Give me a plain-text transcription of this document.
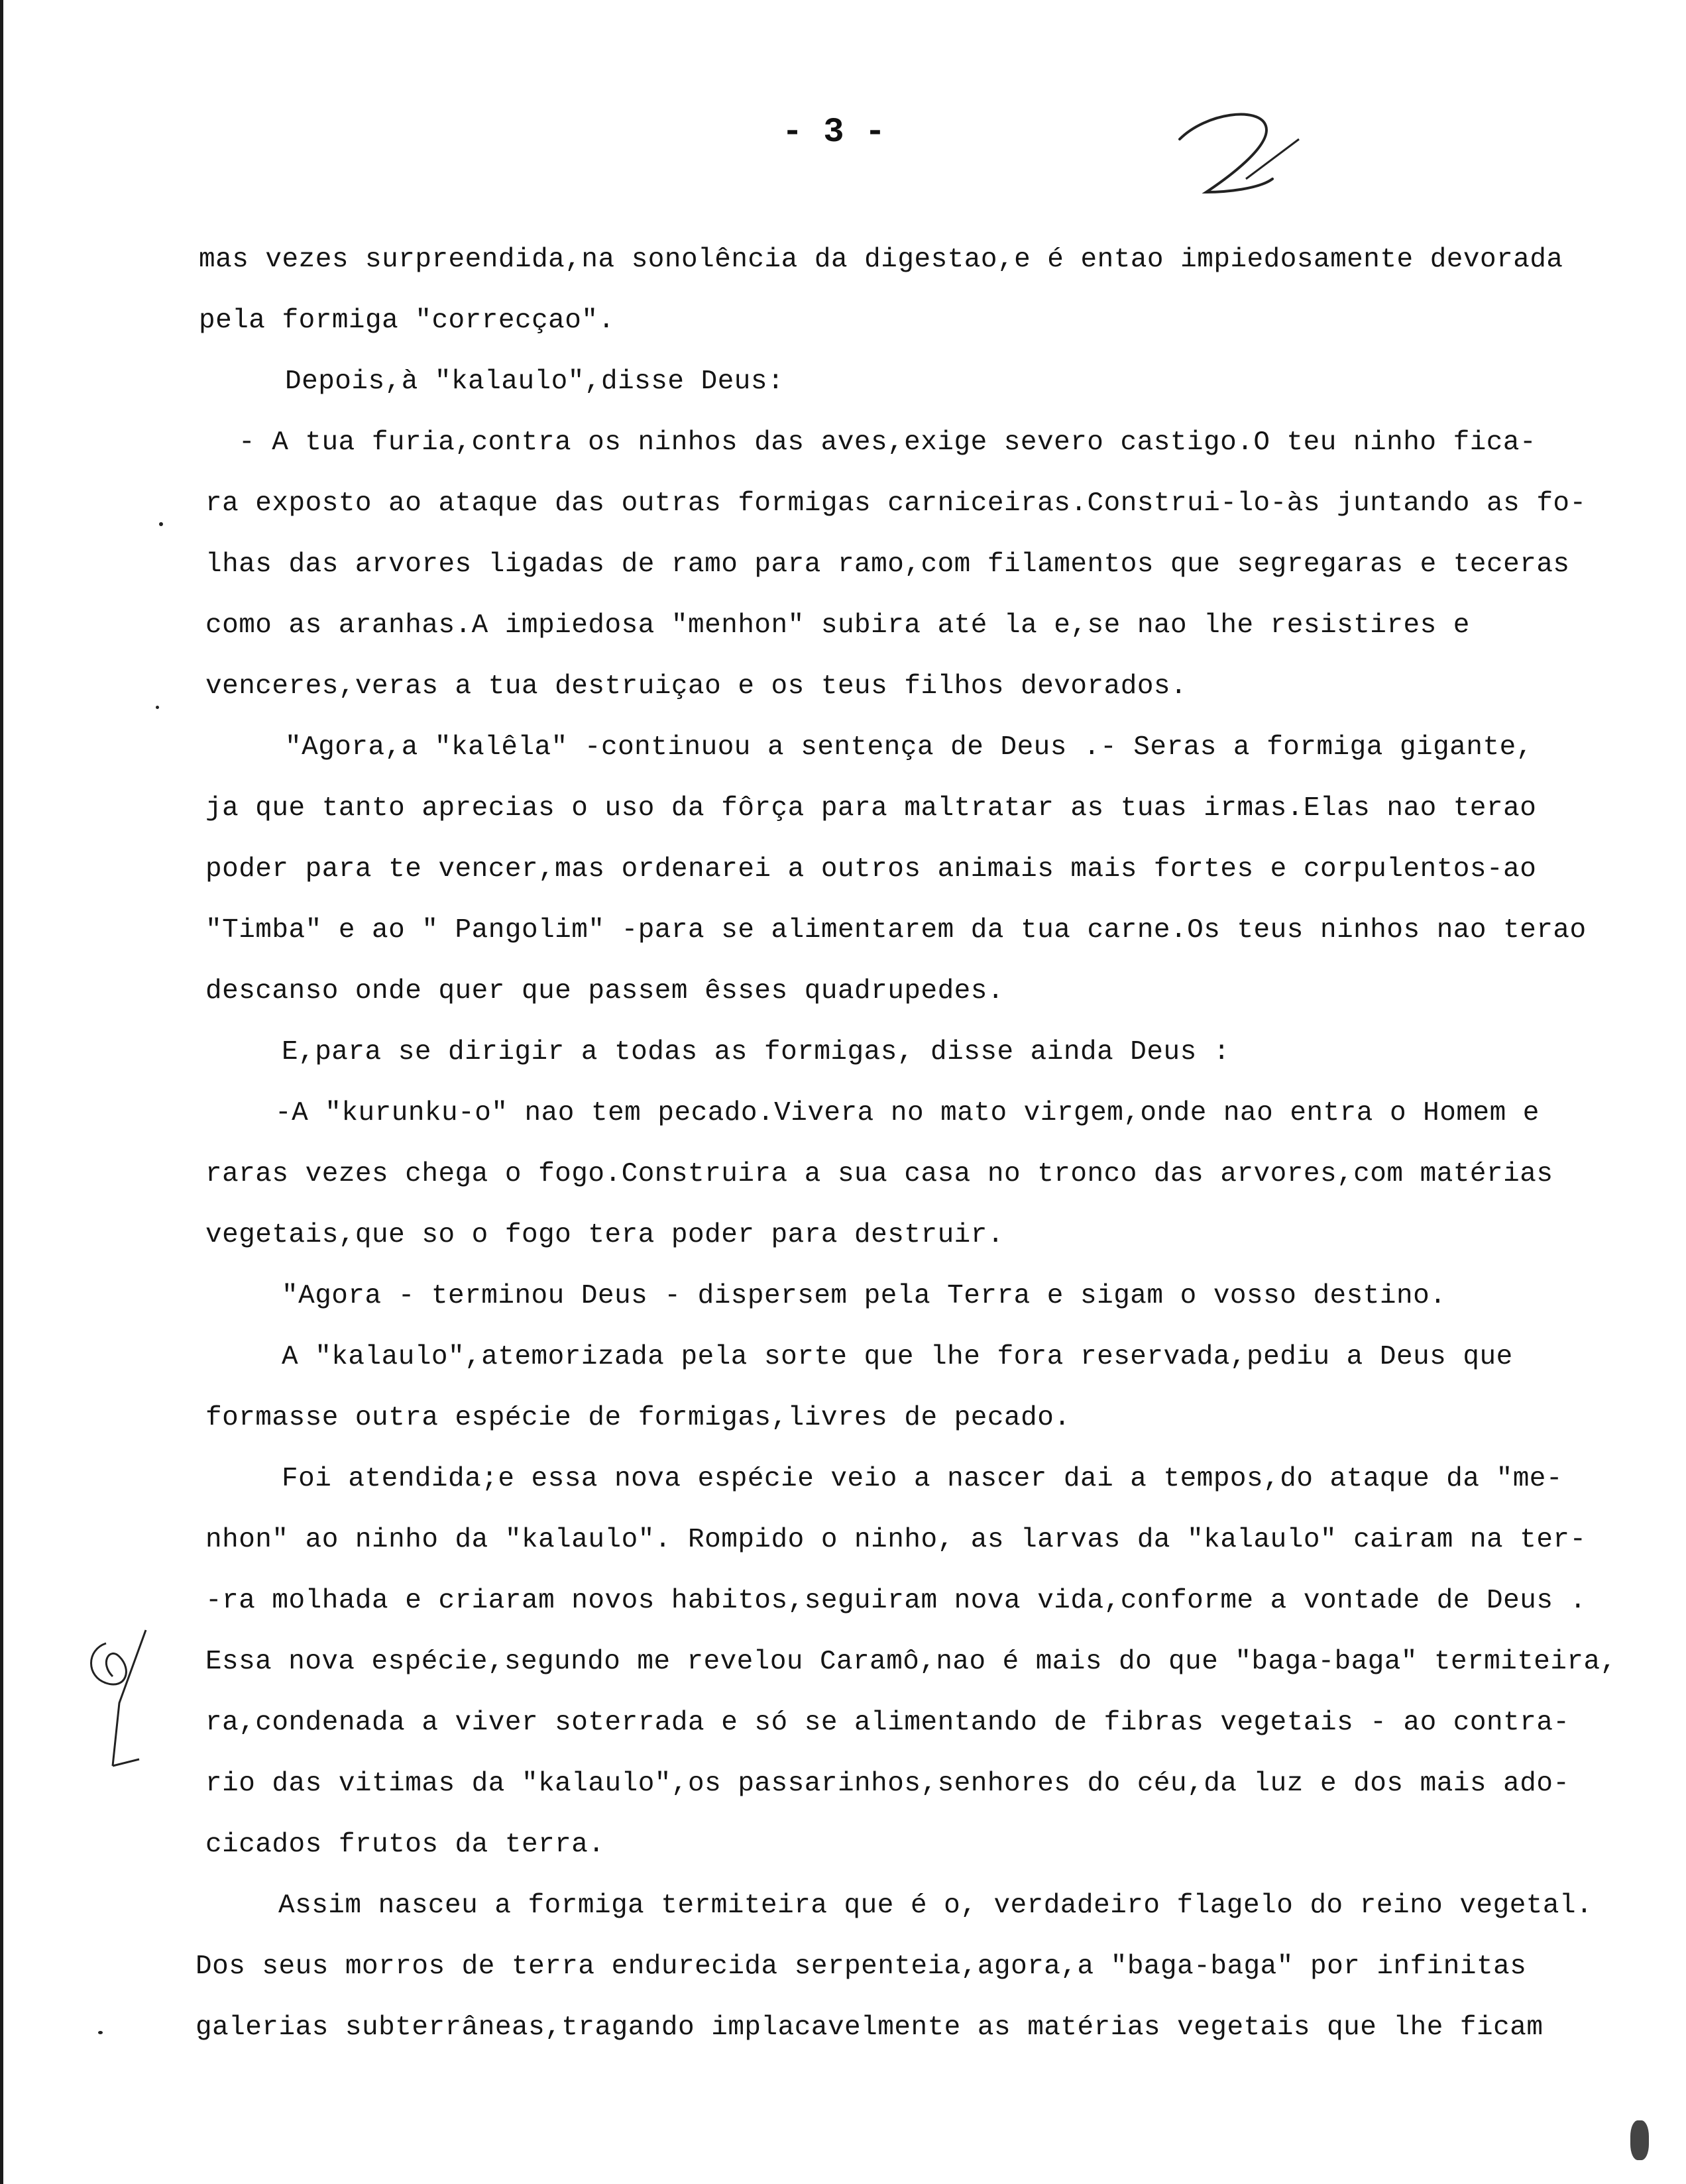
- 3 -
mas vezes surpreendida,na sonolência da digestao,e é entao impiedosamente devorada
pela formiga "correcçao".
Depois,à "kalaulo",disse Deus:
- A tua furia,contra os ninhos das aves,exige severo castigo.O teu ninho fica-
ra exposto ao ataque das outras formigas carniceiras.Construi-lo-às juntando as fo-
lhas das arvores ligadas de ramo para ramo,com filamentos que segregaras e teceras
como as aranhas.A impiedosa "menhon" subira até la e,se nao lhe resistires e
venceres,veras a tua destruiçao e os teus filhos devorados.
"Agora,a "kalêla" -continuou a sentença de Deus .- Seras a formiga gigante,
ja que tanto aprecias o uso da fôrça para maltratar as tuas irmas.Elas nao terao
poder para te vencer,mas ordenarei a outros animais mais fortes e corpulentos-ao
"Timba" e ao " Pangolim" -para se alimentarem da tua carne.Os teus ninhos nao terao
descanso onde quer que passem êsses quadrupedes.
E,para se dirigir a todas as formigas, disse ainda Deus :
-A "kurunku-o" nao tem pecado.Vivera no mato virgem,onde nao entra o Homem e
raras vezes chega o fogo.Construira a sua casa no tronco das arvores,com matérias
vegetais,que so o fogo tera poder para destruir.
"Agora - terminou Deus - dispersem pela Terra e sigam o vosso destino.
A "kalaulo",atemorizada pela sorte que lhe fora reservada,pediu a Deus que
formasse outra espécie de formigas,livres de pecado.
Foi atendida;e essa nova espécie veio a nascer dai a tempos,do ataque da "me-
nhon" ao ninho da "kalaulo". Rompido o ninho, as larvas da "kalaulo" cairam na ter-
-ra molhada e criaram novos habitos,seguiram nova vida,conforme a vontade de Deus .
Essa nova espécie,segundo me revelou Caramô,nao é mais do que "baga-baga" termiteira,
ra,condenada a viver soterrada e só se alimentando de fibras vegetais - ao contra-
rio das vitimas da "kalaulo",os passarinhos,senhores do céu,da luz e dos mais ado-
cicados frutos da terra.
Assim nasceu a formiga termiteira que é o, verdadeiro flagelo do reino vegetal.
Dos seus morros de terra endurecida serpenteia,agora,a "baga-baga" por infinitas
galerias subterrâneas,tragando implacavelmente as matérias vegetais que lhe ficam
